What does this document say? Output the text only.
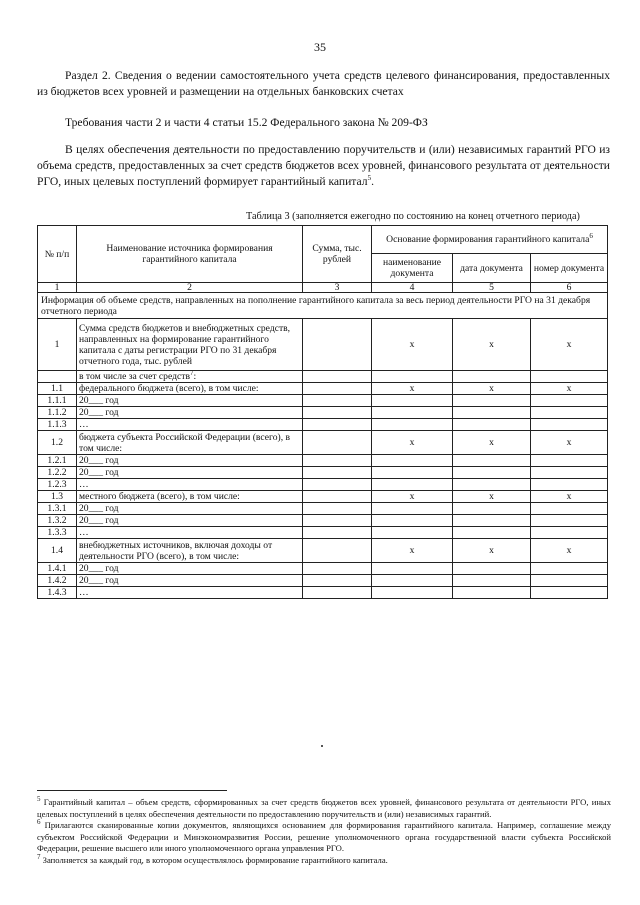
35
Раздел 2. Сведения о ведении самостоятельного учета средств целевого финансирования, предоставленных из бюджетов всех уровней и размещении на отдельных банковских счетах
Требования части 2 и части 4 статьи 15.2 Федерального закона № 209-ФЗ
В целях обеспечения деятельности по предоставлению поручительств и (или) независимых гарантий РГО из объема средств, предоставленных за счет средств бюджетов всех уровней, финансового результата от деятельности РГО, иных целевых поступлений формирует гарантийный капитал$^5$.
Таблица 3 (заполняется ежегодно по состоянию на конец отчетного периода)
№ п/п	Наименование источника формирования гарантийного капитала	Сумма, тыс. рублей	Основание формирования гарантийного капитала$^6$
			наименование документа	дата документа	номер документа
1	2	3	4	5	6
Информация об объеме средств, направленных на пополнение гарантийного капитала за весь период деятельности РГО на 31 декабря отчетного периода					
1	Сумма средств бюджетов и внебюджетных средств, направленных на формирование гарантийного капитала с даты регистрации РГО по 31 декабря отчетного года, тыс. рублей		x	x	x
	в том числе за счет средств$^7$:				
1.1	федерального бюджета (всего), в том числе:		x	x	x
1.1.1	20___ год				
1.1.2	20___ год				
1.1.3	…				
1.2	бюджета субъекта Российской Федерации (всего), в том числе:		x	x	x
1.2.1	20___ год				
1.2.2	20___ год				
1.2.3	…				
1.3	местного бюджета (всего), в том числе:		x	x	x
1.3.1	20___ год				
1.3.2	20___ год				
1.3.3	…				
1.4	внебюджетных источников, включая доходы от деятельности РГО (всего), в том числе:		x	x	x
1.4.1	20___ год				
1.4.2	20___ год				
1.4.3	…				
$^5$ Гарантийный капитал – объем средств, сформированных за счет средств бюджетов всех уровней, финансового результата от деятельности РГО, иных целевых поступлений в целях обеспечения деятельности по предоставлению поручительств и (или) независимых гарантий.
$^6$ Прилагаются сканированные копии документов, являющихся основанием для формирования гарантийного капитала. Например, соглашение между субъектом Российской Федерации и Минэкономразвития России, решение уполномоченного органа государственной власти субъекта Российской Федерации, решение высшего или иного уполномоченного органа управления РГО.
$^7$ Заполняется за каждый год, в котором осуществлялось формирование гарантийного капитала.
